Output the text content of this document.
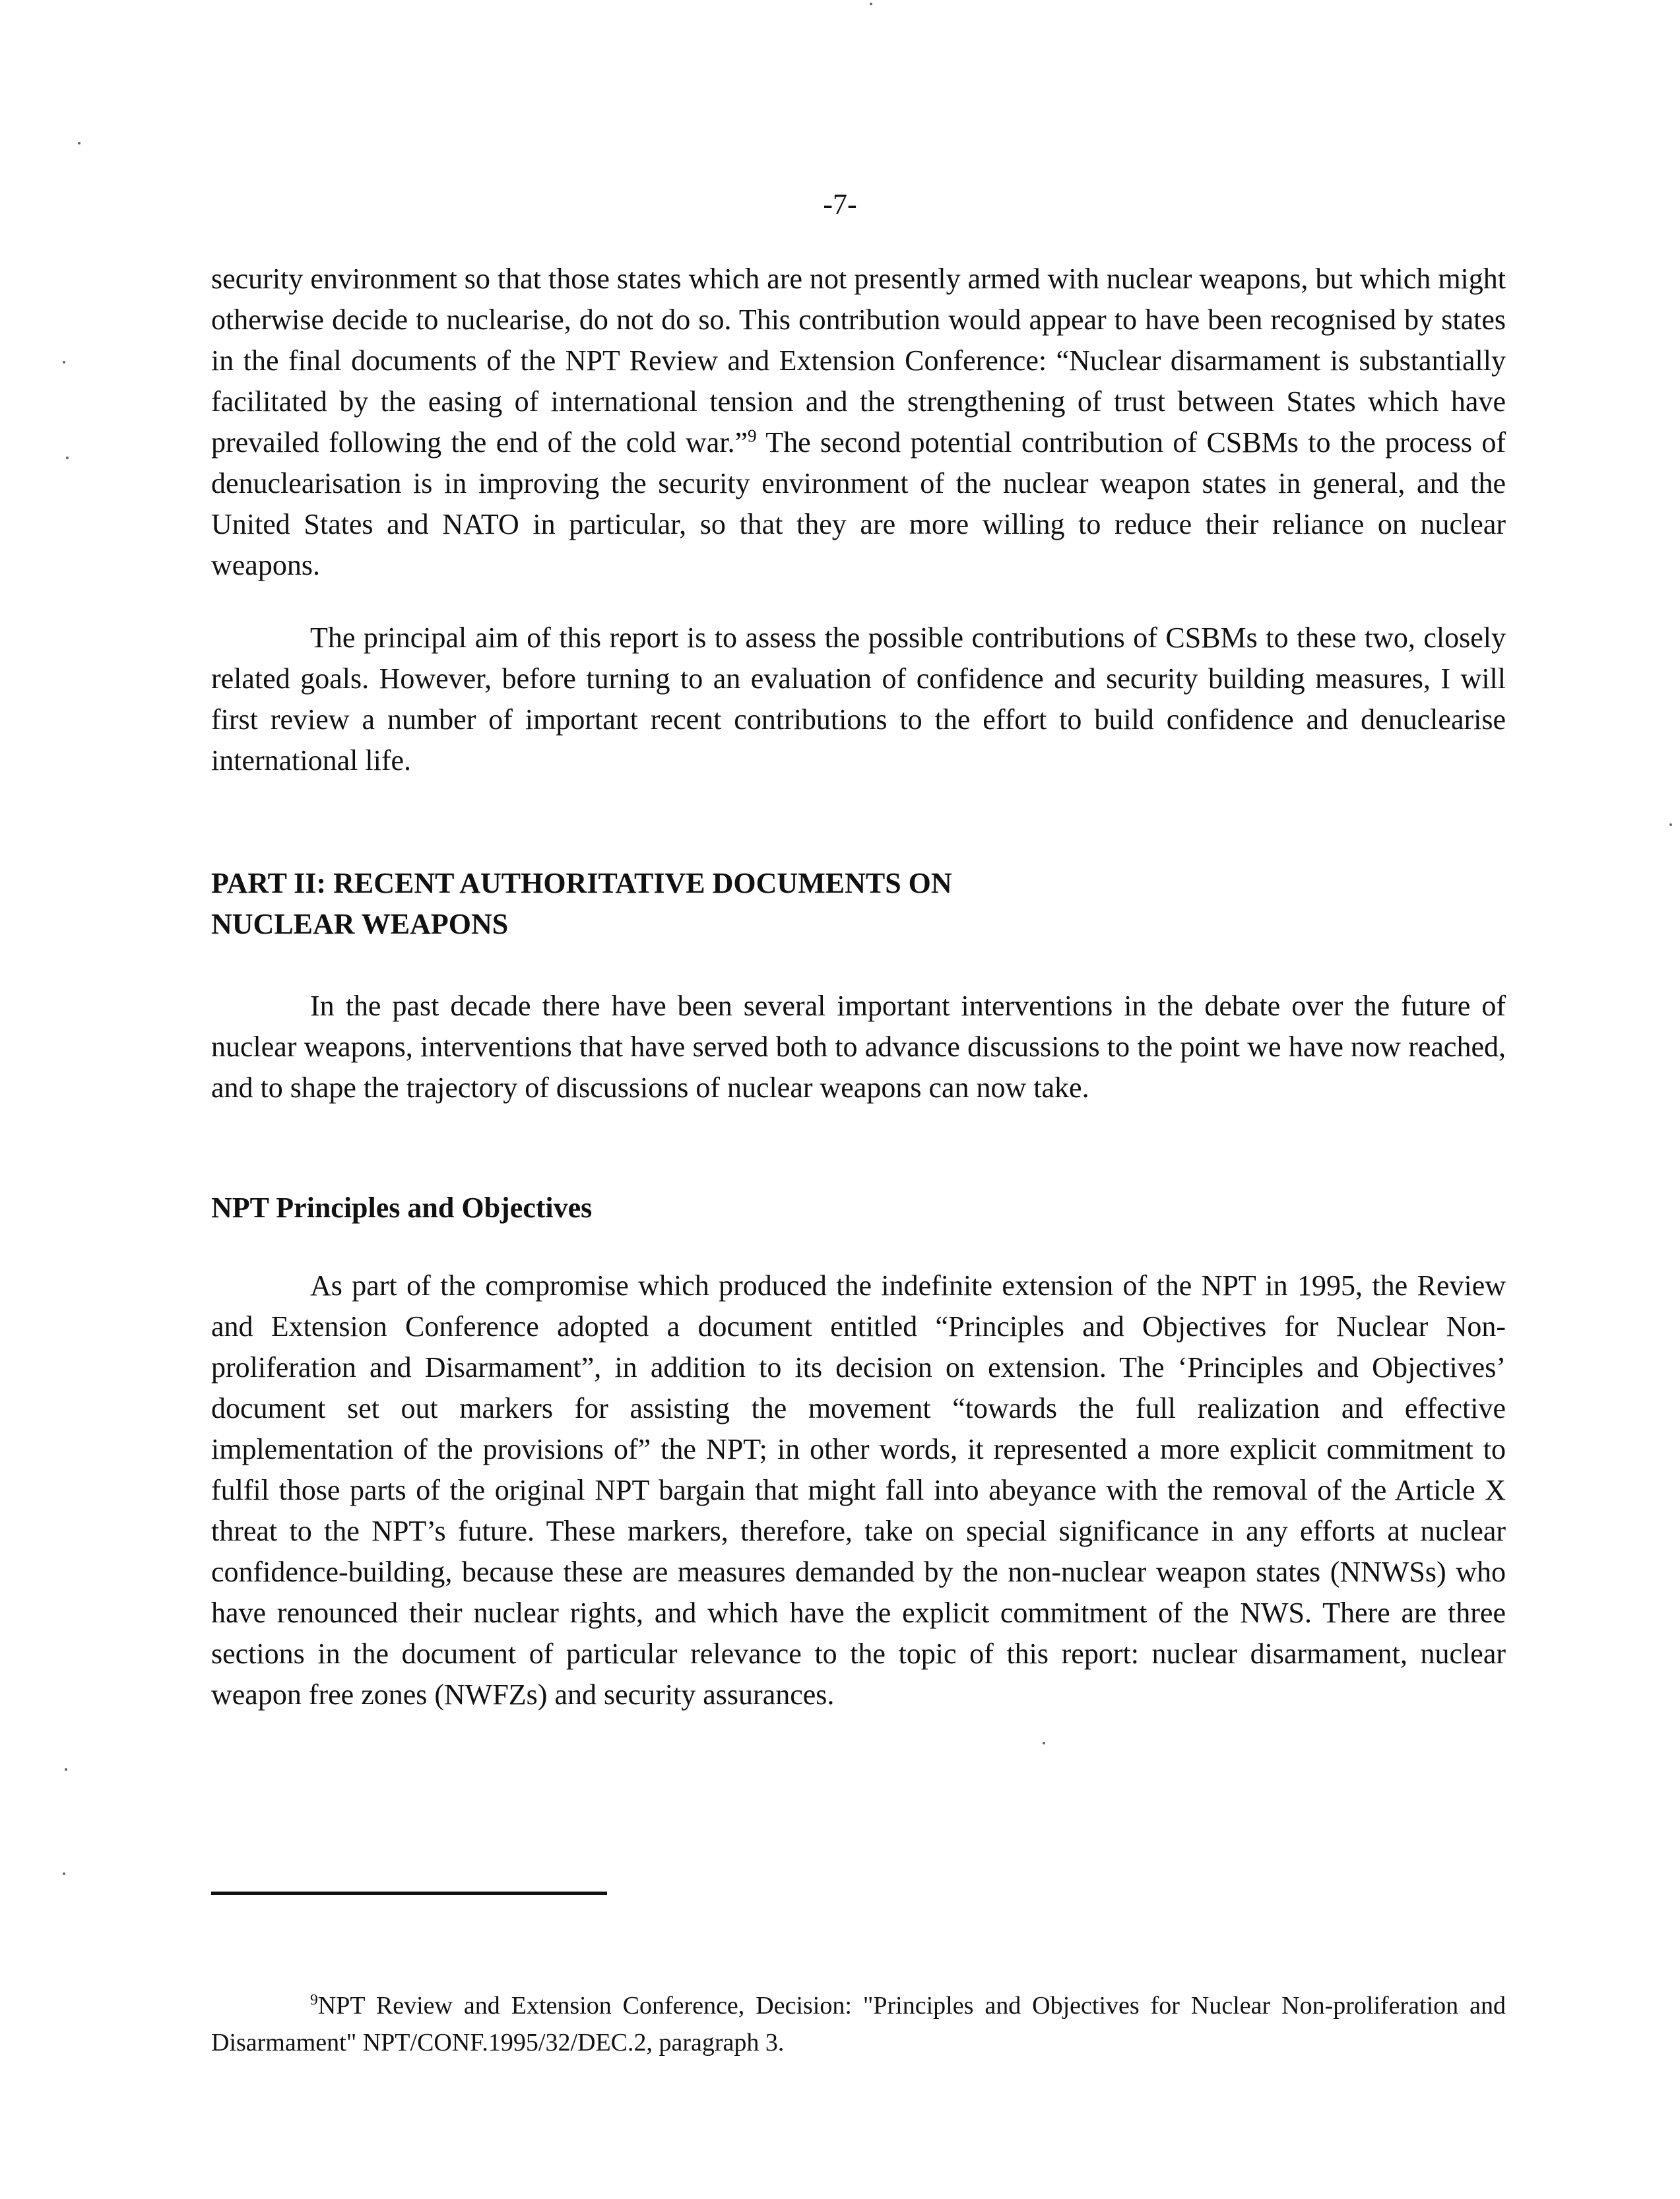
-7-

security environment so that those states which are not presently armed with nuclear weapons, but which might otherwise decide to nuclearise, do not do so. This contribution would appear to have been recognised by states in the final documents of the NPT Review and Extension Conference: “Nuclear disarmament is substantially facilitated by the easing of international tension and the strengthening of trust between States which have prevailed following the end of the cold war.”$^9$ The second potential contribution of CSBMs to the process of denuclearisation is in improving the security environment of the nuclear weapon states in general, and the United States and NATO in particular, so that they are more willing to reduce their reliance on nuclear weapons.

The principal aim of this report is to assess the possible contributions of CSBMs to these two, closely related goals. However, before turning to an evaluation of confidence and security building measures, I will first review a number of important recent contributions to the effort to build confidence and denuclearise international life.

PART II: RECENT AUTHORITATIVE DOCUMENTS ON
NUCLEAR WEAPONS

In the past decade there have been several important interventions in the debate over the future of nuclear weapons, interventions that have served both to advance discussions to the point we have now reached, and to shape the trajectory of discussions of nuclear weapons can now take.

NPT Principles and Objectives

As part of the compromise which produced the indefinite extension of the NPT in 1995, the Review and Extension Conference adopted a document entitled “Principles and Objectives for Nuclear Non-proliferation and Disarmament”, in addition to its decision on extension. The ‘Principles and Objectives’ document set out markers for assisting the movement “towards the full realization and effective implementation of the provisions of” the NPT; in other words, it represented a more explicit commitment to fulfil those parts of the original NPT bargain that might fall into abeyance with the removal of the Article X threat to the NPT’s future. These markers, therefore, take on special significance in any efforts at nuclear confidence-building, because these are measures demanded by the non-nuclear weapon states (NNWSs) who have renounced their nuclear rights, and which have the explicit commitment of the NWS. There are three sections in the document of particular relevance to the topic of this report: nuclear disarmament, nuclear weapon free zones (NWFZs) and security assurances.

$^9$NPT Review and Extension Conference, Decision: "Principles and Objectives for Nuclear Non-proliferation and Disarmament" NPT/CONF.1995/32/DEC.2, paragraph 3.
